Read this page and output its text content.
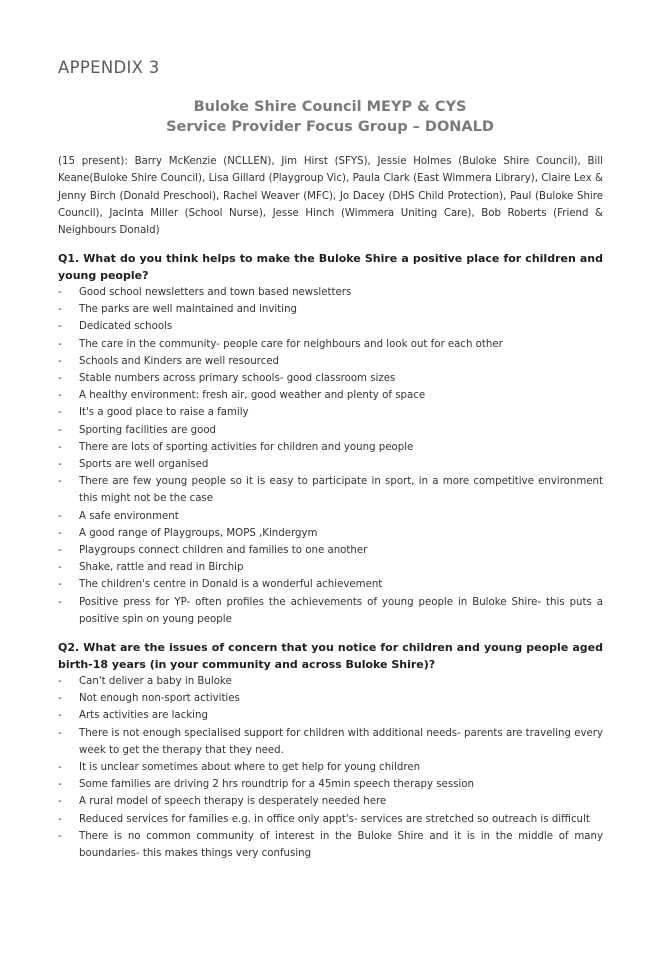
APPENDIX 3
Buloke Shire Council MEYP & CYS
Service Provider Focus Group – DONALD

(15 present): Barry McKenzie (NCLLEN), Jim Hirst (SFYS), Jessie Holmes (Buloke Shire Council), Bill Keane(Buloke Shire Council), Lisa Gillard (Playgroup Vic), Paula Clark (East Wimmera Library), Claire Lex & Jenny Birch (Donald Preschool), Rachel Weaver (MFC), Jo Dacey (DHS Child Protection), Paul (Buloke Shire Council), Jacinta Miller (School Nurse), Jesse Hinch (Wimmera Uniting Care), Bob Roberts (Friend & Neighbours Donald)

Q1. What do you think helps to make the Buloke Shire a positive place for children and young people?

- Good school newsletters and town based newsletters
- The parks are well maintained and inviting
- Dedicated schools
- The care in the community- people care for neighbours and look out for each other
- Schools and Kinders are well resourced
- Stable numbers across primary schools- good classroom sizes
- A healthy environment: fresh air, good weather and plenty of space
- It's a good place to raise a family
- Sporting facilities are good
- There are lots of sporting activities for children and young people
- Sports are well organised
- There are few young people so it is easy to participate in sport, in a more competitive environment this might not be the case
- A safe environment
- A good range of Playgroups, MOPS ,Kindergym
- Playgroups connect children and families to one another
- Shake, rattle and read in Birchip
- The children's centre in Donald is a wonderful achievement
- Positive press for YP- often profiles the achievements of young people in Buloke Shire- this puts a positive spin on young people

Q2. What are the issues of concern that you notice for children and young people aged birth-18 years (in your community and across Buloke Shire)?

- Can't deliver a baby in Buloke
- Not enough non-sport activities
- Arts activities are lacking
- There is not enough specialised support for children with additional needs- parents are traveling every week to get the therapy that they need.
- It is unclear sometimes about where to get help for young children
- Some families are driving 2 hrs roundtrip for a 45min speech therapy session
- A rural model of speech therapy is desperately needed here
- Reduced services for families e.g. in office only appt's- services are stretched so outreach is difficult
- There is no common community of interest in the Buloke Shire and it is in the middle of many boundaries- this makes things very confusing
